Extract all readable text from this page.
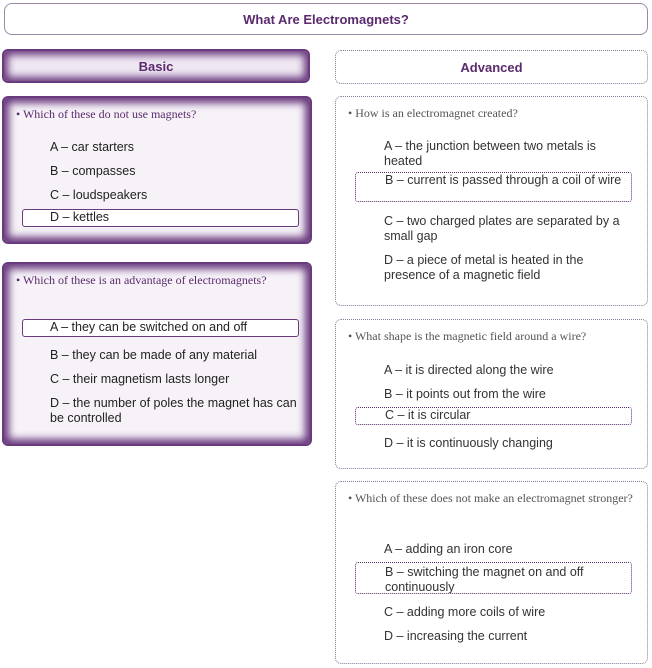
What Are Electromagnets?
Basic	Advanced
• Which of these do not use magnets?
A – car starters
B – compasses
C – loudspeakers
D – kettles
• Which of these is an advantage of electromagnets?
A – they can be switched on and off
B – they can be made of any material
C – their magnetism lasts longer
D – the number of poles the magnet has can be controlled
• How is an electromagnet created?
A – the junction between two metals is heated
B – current is passed through a coil of wire
C – two charged plates are separated by a small gap
D – a piece of metal is heated in the presence of a magnetic field
• What shape is the magnetic field around a wire?
A – it is directed along the wire
B – it points out from the wire
C – it is circular
D – it is continuously changing
• Which of these does not make an electromagnet stronger?
A – adding an iron core
B – switching the magnet on and off continuously
C – adding more coils of wire
D – increasing the current
